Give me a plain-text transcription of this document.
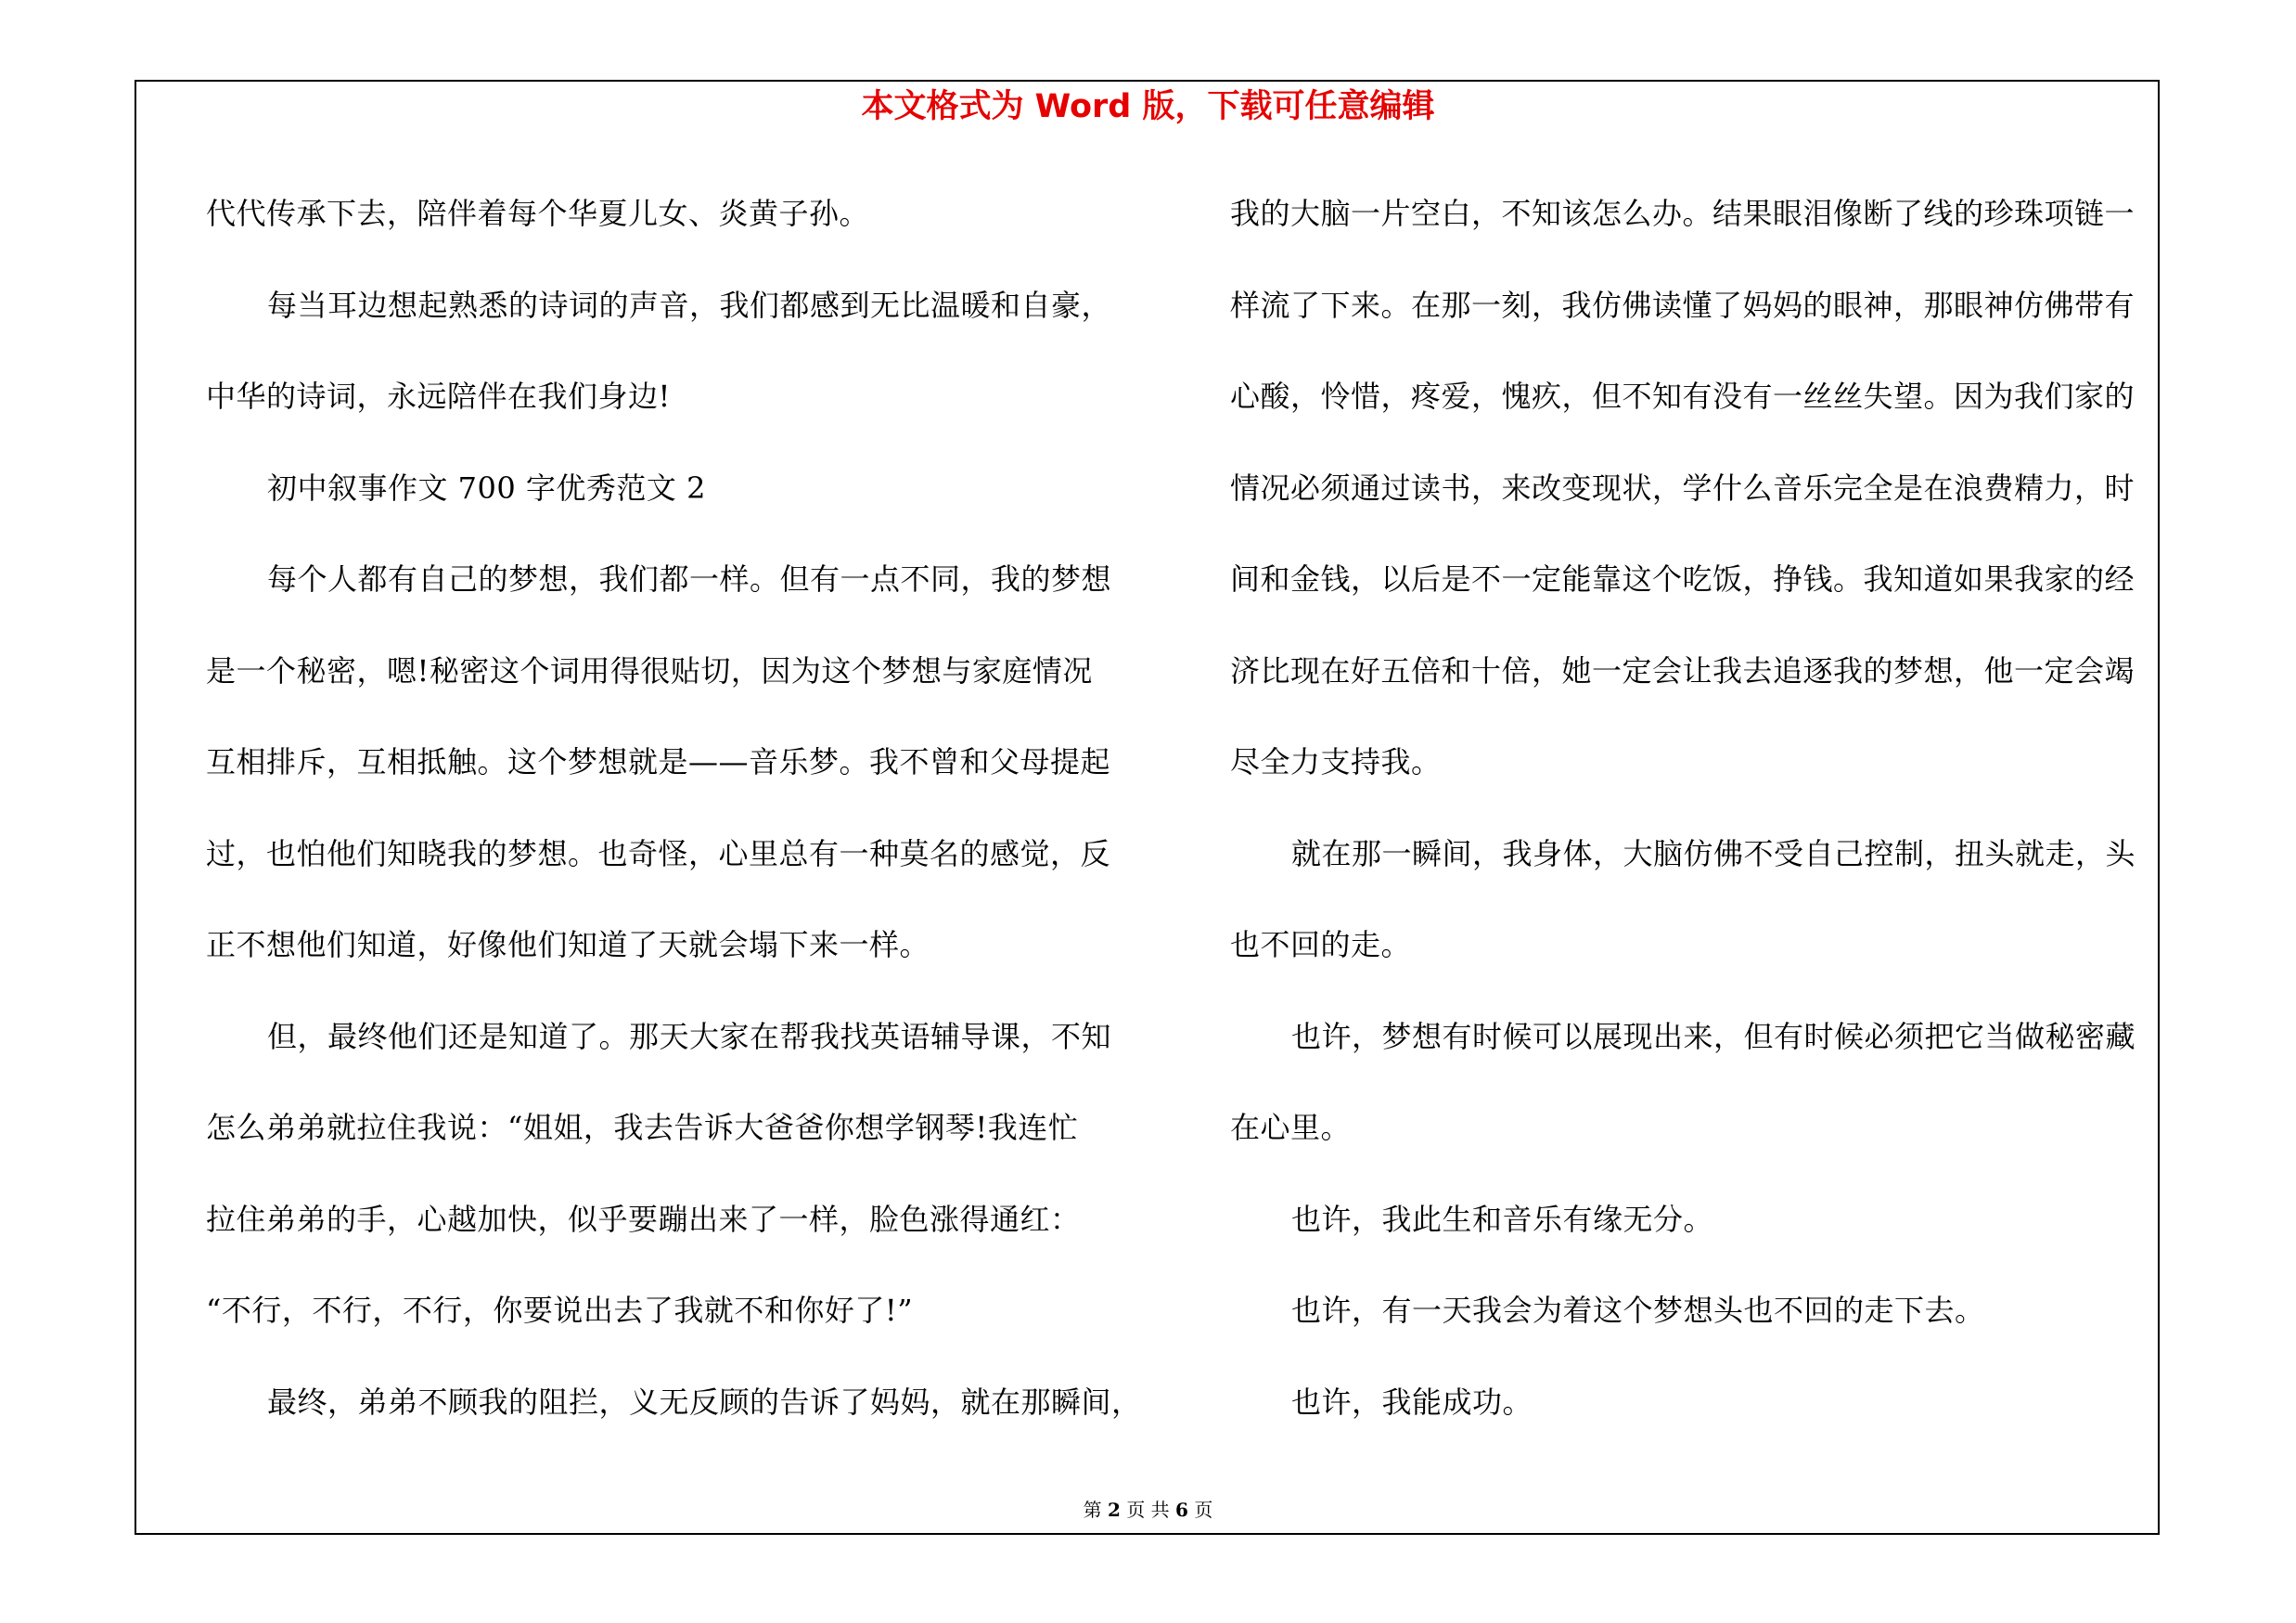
本文格式为 Word 版，下载可任意编辑
代代传承下去，陪伴着每个华夏儿女、炎黄子孙。
每当耳边想起熟悉的诗词的声音，我们都感到无比温暖和自豪，
中华的诗词，永远陪伴在我们身边!
初中叙事作文 700 字优秀范文 2
每个人都有自己的梦想，我们都一样。但有一点不同，我的梦想
是一个秘密，嗯!秘密这个词用得很贴切，因为这个梦想与家庭情况
互相排斥，互相抵触。这个梦想就是——音乐梦。我不曾和父母提起
过，也怕他们知晓我的梦想。也奇怪，心里总有一种莫名的感觉，反
正不想他们知道，好像他们知道了天就会塌下来一样。
但，最终他们还是知道了。那天大家在帮我找英语辅导课，不知
怎么弟弟就拉住我说：“姐姐，我去告诉大爸爸你想学钢琴!我连忙
拉住弟弟的手，心越加快，似乎要蹦出来了一样，脸色涨得通红：
“不行，不行，不行，你要说出去了我就不和你好了!”
最终，弟弟不顾我的阻拦，义无反顾的告诉了妈妈，就在那瞬间，
我的大脑一片空白，不知该怎么办。结果眼泪像断了线的珍珠项链一
样流了下来。在那一刻，我仿佛读懂了妈妈的眼神，那眼神仿佛带有
心酸，怜惜，疼爱，愧疚，但不知有没有一丝丝失望。因为我们家的
情况必须通过读书，来改变现状，学什么音乐完全是在浪费精力，时
间和金钱，以后是不一定能靠这个吃饭，挣钱。我知道如果我家的经
济比现在好五倍和十倍，她一定会让我去追逐我的梦想，他一定会竭
尽全力支持我。
就在那一瞬间，我身体，大脑仿佛不受自己控制，扭头就走，头
也不回的走。
也许，梦想有时候可以展现出来，但有时候必须把它当做秘密藏
在心里。
也许，我此生和音乐有缘无分。
也许，有一天我会为着这个梦想头也不回的走下去。
也许，我能成功。
第 2 页 共 6 页
